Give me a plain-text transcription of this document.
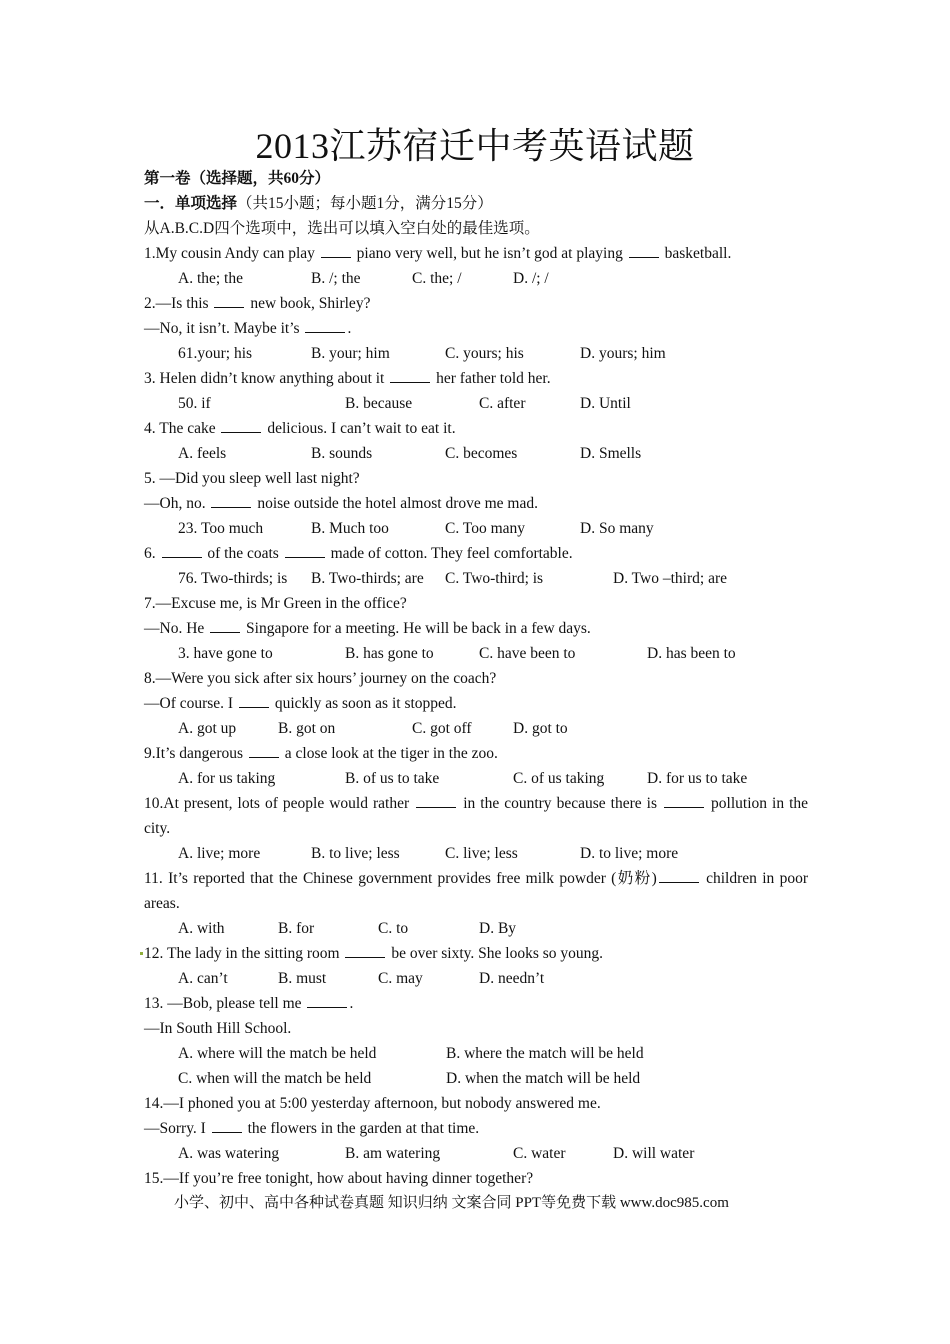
2013江苏宿迁中考英语试题
第一卷（选择题，共60分）
一．单项选择（共15小题；每小题1分，满分15分）
从A.B.C.D四个选项中，选出可以填入空白处的最佳选项。
1.My cousin Andy can play	piano very well, but he isn’t god at playing	basketball.
A. the; the	B. /; the	C. the; /	D. /; /
2.—Is this	new book, Shirley?
—No, it isn’t. Maybe it’s	.
61.your; his	B. your; him	C. yours; his	D. yours; him
3. Helen didn’t know anything about it	her father told her.
50. if	B. because	C. after	D. Until
4. The cake	delicious. I can’t wait to eat it.
A. feels	B. sounds	C. becomes	D. Smells
5. —Did you sleep well last night?
—Oh, no.	noise outside the hotel almost drove me mad.
23. Too much	B. Much too	C. Too many	D. So many
6.	of the coats	made of cotton. They feel comfortable.
76. Two-thirds; is B. Two-thirds; are C. Two-third; is	D. Two –third; are
7.—Excuse me, is Mr Green in the office?
—No. He	Singapore for a meeting. He will be back in a few days.
3. have gone to	B. has gone to	C. have been to	D. has been to
8.—Were you sick after six hours’ journey on the coach?
—Of course. I	quickly as soon as it stopped.
A. got up	B. got on	C. got off	D. got to
9.It’s dangerous	a close look at the tiger in the zoo.
A. for us taking	B. of us to take	C. of us taking	D. for us to take
10.At present, lots of people would rather	in the country because there is	pollution in the city.
A. live; more	B. to live; less	C. live; less	D. to live; more
11. It’s reported that the Chinese government provides free milk powder (奶粉)	children in poor areas.
A. with	B. for	C. to	D. By
12. The lady in the sitting room	be over sixty. She looks so young.
A. can’t	B. must	C. may	D. needn’t
13. —Bob, please tell me	.
—In South Hill School.
A. where will the match be held	B. where the match will be held
C. when will the match be held	D. when the match will be held
14.—I phoned you at 5:00 yesterday afternoon, but nobody answered me.
—Sorry. I	the flowers in the garden at that time.
A. was watering	B. am watering	C. water	D. will water
15.—If you’re free tonight, how about having dinner together?
小学、初中、高中各种试卷真题 知识归纳 文案合同 PPT等免费下载 www.doc985.com
